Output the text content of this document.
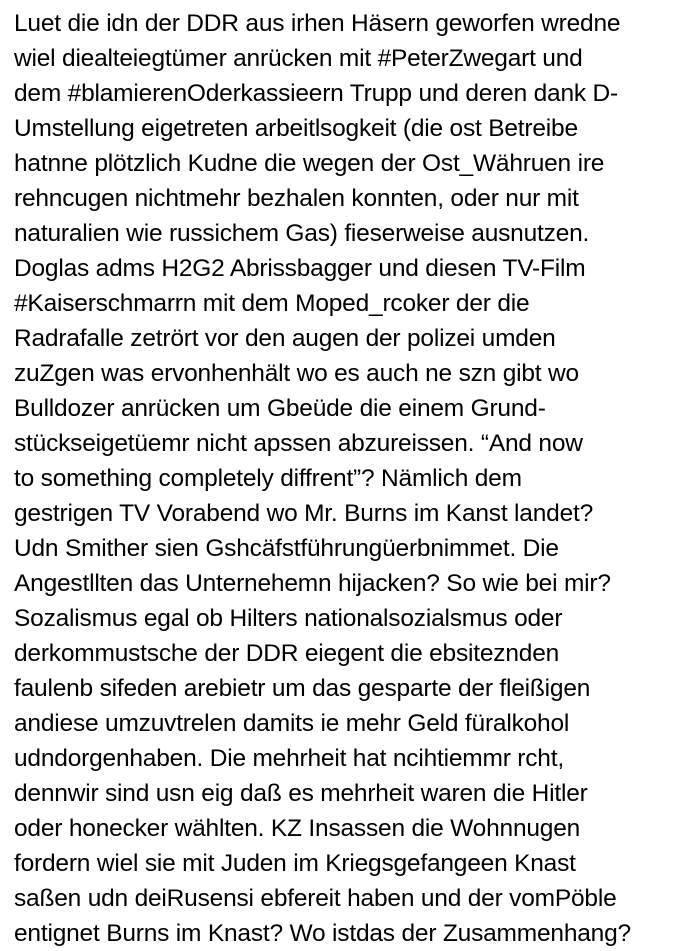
Luet die idn der DDR aus irhen Häsern geworfen wredne
wiel diealteiegtümer anrücken mit #PeterZwegart und
dem #blamierenOderkassieern Trupp und deren dank D-
Umstellung eigetreten arbeitlsogkeit (die ost Betreibe
hatnne plötzlich Kudne die wegen der Ost_Währuen ire
rehncugen nichtmehr bezhalen konnten, oder nur mit
naturalien wie russichem Gas) fieserweise ausnutzen.
Doglas adms H2G2 Abrissbagger und diesen TV-Film
#Kaiserschmarrn mit dem Moped_rcoker der die
Radrafalle zetrört vor den augen der polizei umden
zuZgen was ervonhenhält wo es auch ne szn gibt wo
Bulldozer anrücken um Gbeüde die einem Grund-
stückseigetüemr nicht apssen abzureissen. “And now
to something completely diffrent”? Nämlich dem
gestrigen TV Vorabend wo Mr. Burns im Kanst landet?
Udn Smither sien Gshcäfstführungüerbnimmet. Die
Angestllten das Unternehemn hijacken? So wie bei mir?
Sozalismus egal ob Hilters nationalsozialsmus oder
derkommustsche der DDR eiegent die ebsiteznden
faulenb sifeden arebietr um das gesparte der fleißigen
andiese umzuvtrelen damits ie mehr Geld füralkohol
udndorgenhaben. Die mehrheit hat ncihtiemmr rcht,
dennwir sind usn eig daß es mehrheit waren die Hitler
oder honecker wählten. KZ Insassen die Wohnnugen
fordern wiel sie mit Juden im Kriegsgefangeen Knast
saßen udn deiRusensi ebfereit haben und der vomPöble
entignet Burns im Knast? Wo istdas der Zusammenhang?
